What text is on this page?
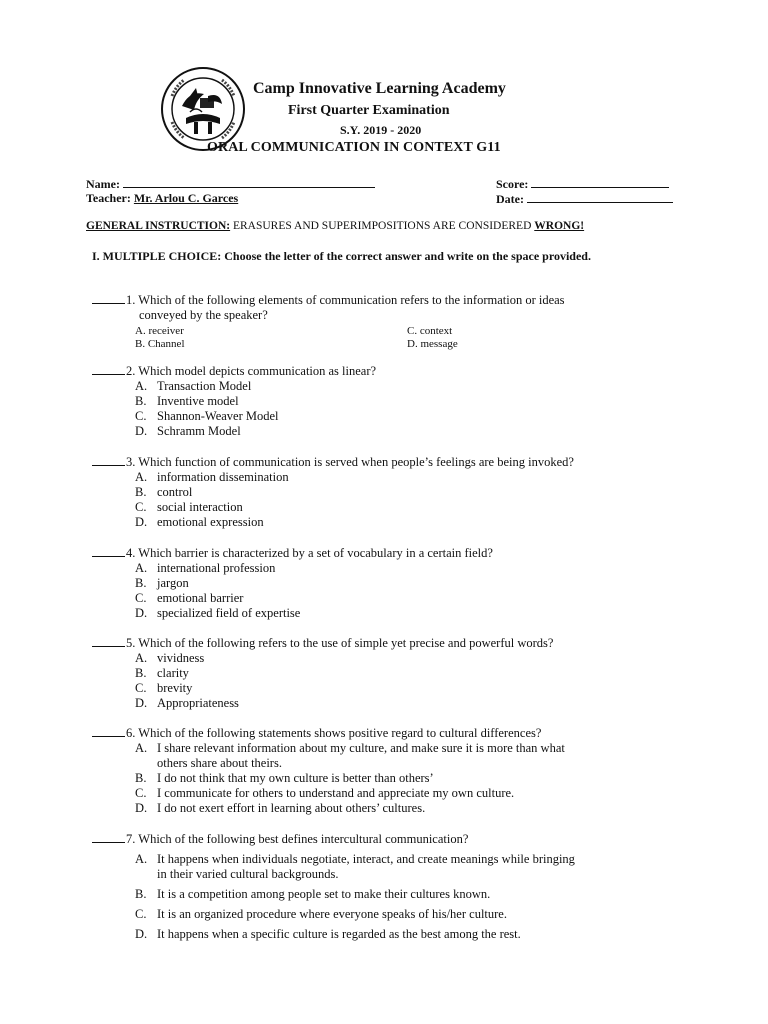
Camp Innovative Learning Academy
First Quarter Examination
S.Y. 2019 - 2020
ORAL COMMUNICATION IN CONTEXT G11
Name:
Teacher: Mr. Arlou C. Garces
Score:
Date:
GENERAL INSTRUCTION: ERASURES AND SUPERIMPOSITIONS ARE CONSIDERED WRONG!
I. MULTIPLE CHOICE: Choose the letter of the correct answer and write on the space provided.
1. Which of the following elements of communication refers to the information or ideas
conveyed by the speaker?
A. receiver	C. context
B. Channel	D. message
2. Which model depicts communication as linear?
A. Transaction Model
B. Inventive model
C. Shannon-Weaver Model
D. Schramm Model
3. Which function of communication is served when people’s feelings are being invoked?
A. information dissemination
B. control
C. social interaction
D. emotional expression
4. Which barrier is characterized by a set of vocabulary in a certain field?
A. international profession
B. jargon
C. emotional barrier
D. specialized field of expertise
5. Which of the following refers to the use of simple yet precise and powerful words?
A. vividness
B. clarity
C. brevity
D. Appropriateness
6. Which of the following statements shows positive regard to cultural differences?
A. I share relevant information about my culture, and make sure it is more than what
others share about theirs.
B. I do not think that my own culture is better than others’
C. I communicate for others to understand and appreciate my own culture.
D. I do not exert effort in learning about others’ cultures.
7. Which of the following best defines intercultural communication?
A. It happens when individuals negotiate, interact, and create meanings while bringing
in their varied cultural backgrounds.
B. It is a competition among people set to make their cultures known.
C. It is an organized procedure where everyone speaks of his/her culture.
D. It happens when a specific culture is regarded as the best among the rest.
